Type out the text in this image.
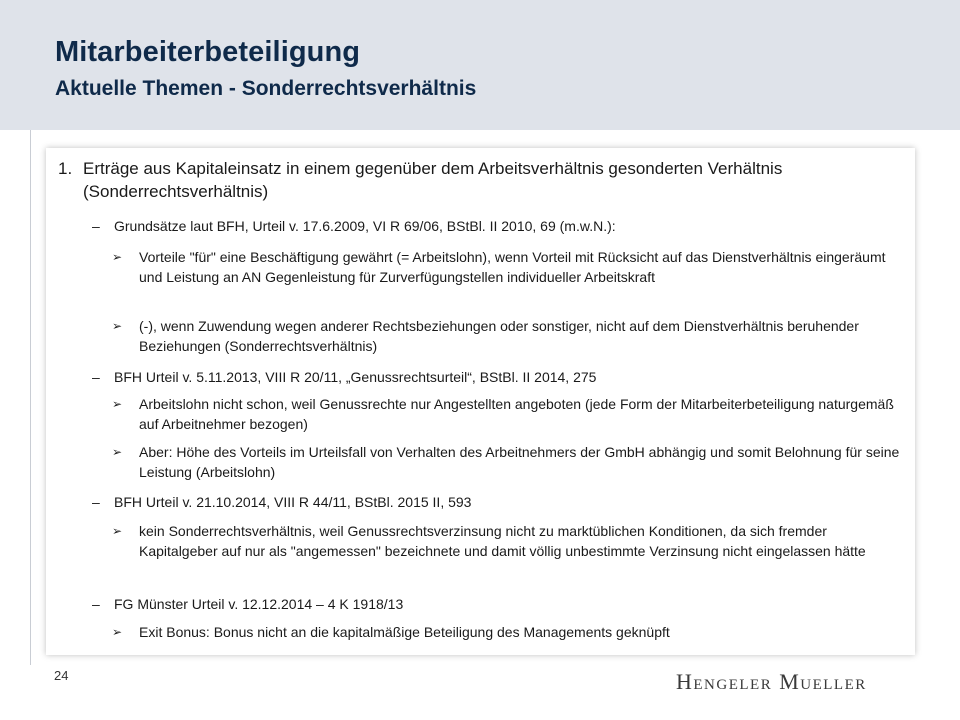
Mitarbeiterbeteiligung
Aktuelle Themen - Sonderrechtsverhältnis
1. Erträge aus Kapitaleinsatz in einem gegenüber dem Arbeitsverhältnis gesonderten Verhältnis (Sonderrechtsverhältnis)
– Grundsätze laut BFH, Urteil v. 17.6.2009, VI R 69/06, BStBl. II 2010, 69 (m.w.N.):
➢ Vorteile "für" eine Beschäftigung gewährt (= Arbeitslohn), wenn Vorteil mit Rücksicht auf das Dienstverhältnis eingeräumt und Leistung an AN Gegenleistung für Zurverfügungstellen individueller Arbeitskraft
➢ (-), wenn Zuwendung wegen anderer Rechtsbeziehungen oder sonstiger, nicht auf dem Dienstverhältnis beruhender Beziehungen (Sonderrechtsverhältnis)
– BFH Urteil v. 5.11.2013, VIII R 20/11, „Genussrechtsurteil“, BStBl. II 2014, 275
➢ Arbeitslohn nicht schon, weil Genussrechte nur Angestellten angeboten (jede Form der Mitarbeiterbeteiligung naturgemäß auf Arbeitnehmer bezogen)
➢ Aber: Höhe des Vorteils im Urteilsfall von Verhalten des Arbeitnehmers der GmbH abhängig und somit Belohnung für seine Leistung (Arbeitslohn)
– BFH Urteil v. 21.10.2014, VIII R 44/11, BStBl. 2015 II, 593
➢ kein Sonderrechtsverhältnis, weil Genussrechtsverzinsung nicht zu marktüblichen Konditionen, da sich fremder Kapitalgeber auf nur als "angemessen" bezeichnete und damit völlig unbestimmte Verzinsung nicht eingelassen hätte
– FG Münster Urteil v. 12.12.2014 – 4 K 1918/13
➢ Exit Bonus: Bonus nicht an die kapitalmäßige Beteiligung des Managements geknüpft
24	Hengeler Mueller
